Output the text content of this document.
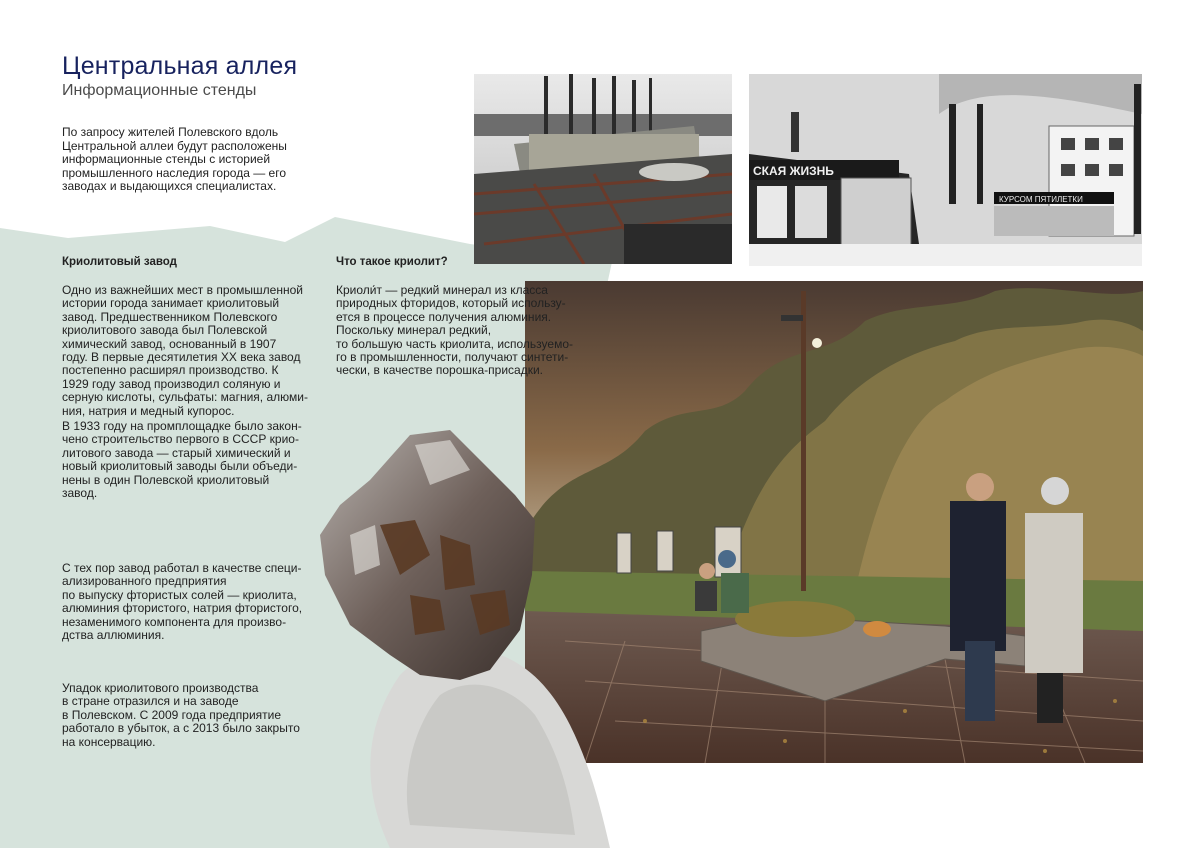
Центральная аллея
Информационные стенды
По запросу жителей Полевского вдоль Центральной аллеи будут расположены информационные стенды с историей промышленного наследия города — его заводах и выдающихся специалистах.
СКАЯ ЖИЗНЬ
КУРСОМ ПЯТИЛЕТКИ
Криолитовый завод	Что такое криолит?
Одно из важнейших мест в промышленной
истории города занимает криолитовый
завод. Предшественником Полевского
криолитового завода был Полевской
химический завод, основанный в 1907
году. В первые десятилетия XX века завод
постепенно расширял производство. К
1929 году завод производил соляную и
серную кислоты, сульфаты: магния, алюми-
ния, натрия и медный купорос.
В 1933 году на промплощадке было закон-
чено строительство первого в СССР крио-
литового завода — старый химический и
новый криолитовый заводы были объеди-
нены в один Полевской криолитовый
завод.
С тех пор завод работал в качестве специ-
ализированного предприятия
по выпуску фтористых солей — криолита,
алюминия фтористого, натрия фтористого,
незаменимого компонента для произво-
дства аллюминия.
Упадок криолитового производства
в стране отразился и на заводе
в Полевском. С 2009 года предприятие
работало в убыток, а с 2013 было закрыто
на консервацию.
Криоли́т — редкий минерал из класса
природных фторидов, который использу-
ется в процессе получения алюминия.
Поскольку минерал редкий,
то большую часть криолита, используемо-
го в промышленности, получают синтети-
чески, в качестве порошка-присадки.
